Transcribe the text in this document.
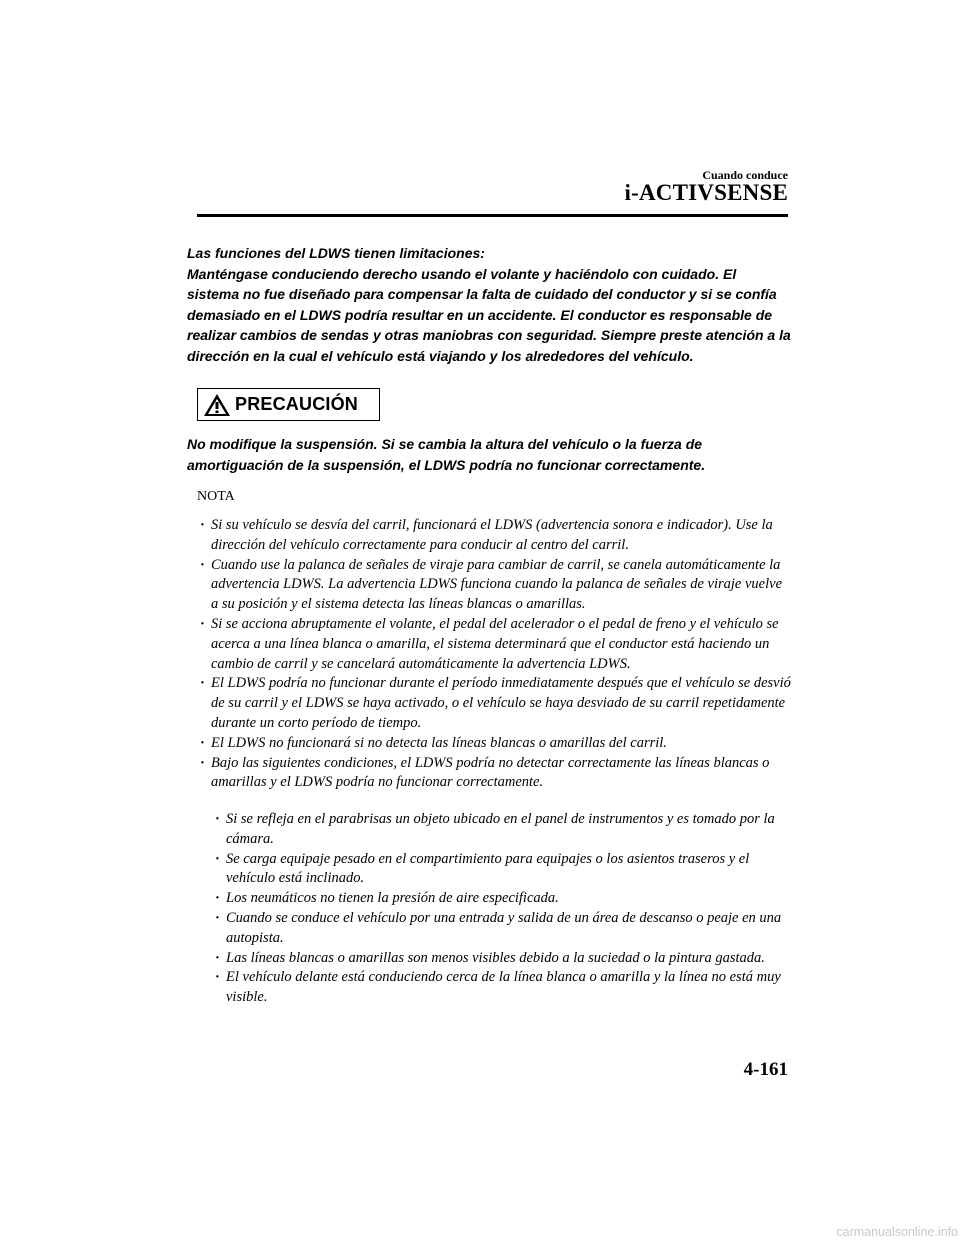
Cuando conduce
i-ACTIVSENSE

Las funciones del LDWS tienen limitaciones:

Manténgase conduciendo derecho usando el volante y haciéndolo con cuidado. El sistema no fue diseñado para compensar la falta de cuidado del conductor y si se confía demasiado en el LDWS podría resultar en un accidente. El conductor es responsable de realizar cambios de sendas y otras maniobras con seguridad. Siempre preste atención a la dirección en la cual el vehículo está viajando y los alrededores del vehículo.

PRECAUCIÓN

No modifique la suspensión. Si se cambia la altura del vehículo o la fuerza de amortiguación de la suspensión, el LDWS podría no funcionar correctamente.

NOTA
· Si su vehículo se desvía del carril, funcionará el LDWS (advertencia sonora e indicador). Use la dirección del vehículo correctamente para conducir al centro del carril.
· Cuando use la palanca de señales de viraje para cambiar de carril, se canela automáticamente la advertencia LDWS. La advertencia LDWS funciona cuando la palanca de señales de viraje vuelve a su posición y el sistema detecta las líneas blancas o amarillas.
· Si se acciona abruptamente el volante, el pedal del acelerador o el pedal de freno y el vehículo se acerca a una línea blanca o amarilla, el sistema determinará que el conductor está haciendo un cambio de carril y se cancelará automáticamente la advertencia LDWS.
· El LDWS podría no funcionar durante el período inmediatamente después que el vehículo se desvió de su carril y el LDWS se haya activado, o el vehículo se haya desviado de su carril repetidamente durante un corto período de tiempo.
· El LDWS no funcionará si no detecta las líneas blancas o amarillas del carril.
· Bajo las siguientes condiciones, el LDWS podría no detectar correctamente las líneas blancas o amarillas y el LDWS podría no funcionar correctamente.
· Si se refleja en el parabrisas un objeto ubicado en el panel de instrumentos y es tomado por la cámara.
· Se carga equipaje pesado en el compartimiento para equipajes o los asientos traseros y el vehículo está inclinado.
· Los neumáticos no tienen la presión de aire especificada.
· Cuando se conduce el vehículo por una entrada y salida de un área de descanso o peaje en una autopista.
· Las líneas blancas o amarillas son menos visibles debido a la suciedad o la pintura gastada.
· El vehículo delante está conduciendo cerca de la línea blanca o amarilla y la línea no está muy visible.
4-161
carmanualsonline.info
